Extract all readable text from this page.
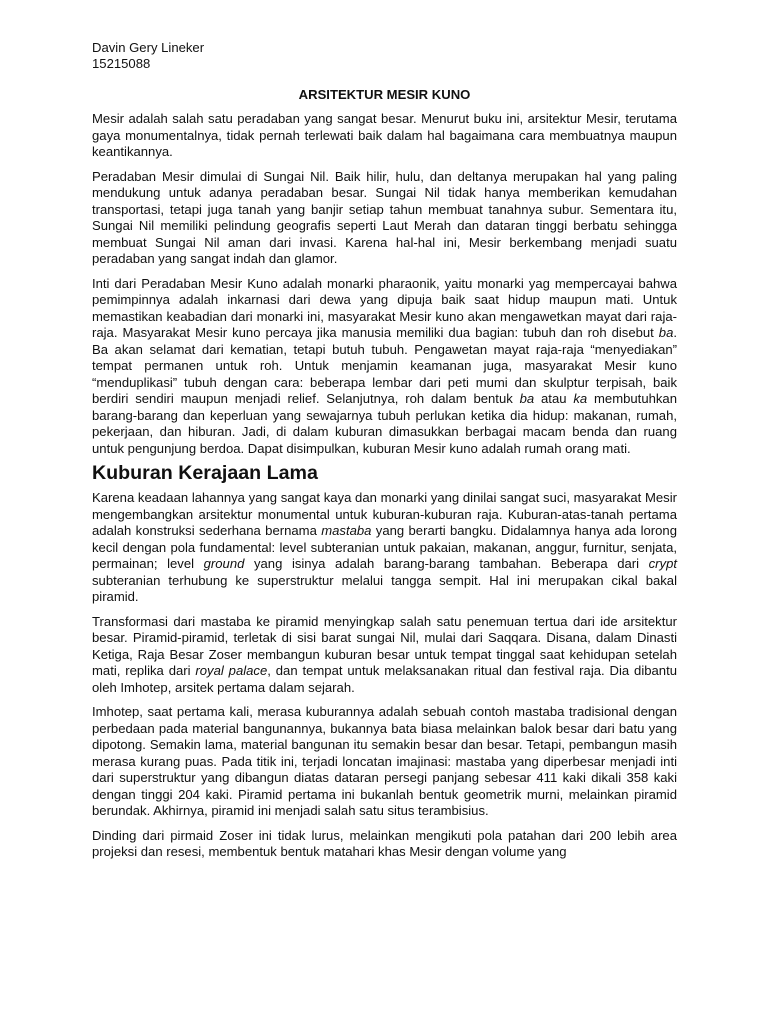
Davin Gery Lineker

15215088

ARSITEKTUR MESIR KUNO

Mesir adalah salah satu peradaban yang sangat besar. Menurut buku ini, arsitektur Mesir, terutama gaya monumentalnya, tidak pernah terlewati baik dalam hal bagaimana cara membuatnya maupun keantikannya.

Peradaban Mesir dimulai di Sungai Nil. Baik hilir, hulu, dan deltanya merupakan hal yang paling mendukung untuk adanya peradaban besar. Sungai Nil tidak hanya memberikan kemudahan transportasi, tetapi juga tanah yang banjir setiap tahun membuat tanahnya subur. Sementara itu, Sungai Nil memiliki pelindung geografis seperti Laut Merah dan dataran tinggi berbatu sehingga membuat Sungai Nil aman dari invasi. Karena hal-hal ini, Mesir berkembang menjadi suatu peradaban yang sangat indah dan glamor.

Inti dari Peradaban Mesir Kuno adalah monarki pharaonik, yaitu monarki yag mempercayai bahwa pemimpinnya adalah inkarnasi dari dewa yang dipuja baik saat hidup maupun mati. Untuk memastikan keabadian dari monarki ini, masyarakat Mesir kuno akan mengawetkan mayat dari raja-raja. Masyarakat Mesir kuno percaya jika manusia memiliki dua bagian: tubuh dan roh disebut ba. Ba akan selamat dari kematian, tetapi butuh tubuh. Pengawetan mayat raja-raja “menyediakan” tempat permanen untuk roh. Untuk menjamin keamanan juga, masyarakat Mesir kuno “menduplikasi” tubuh dengan cara: beberapa lembar dari peti mumi dan skulptur terpisah, baik berdiri sendiri maupun menjadi relief. Selanjutnya, roh dalam bentuk ba atau ka membutuhkan barang-barang dan keperluan yang sewajarnya tubuh perlukan ketika dia hidup: makanan, rumah, pekerjaan, dan hiburan. Jadi, di dalam kuburan dimasukkan berbagai macam benda dan ruang untuk pengunjung berdoa. Dapat disimpulkan, kuburan Mesir kuno adalah rumah orang mati.

Kuburan Kerajaan Lama

Karena keadaan lahannya yang sangat kaya dan monarki yang dinilai sangat suci, masyarakat Mesir mengembangkan arsitektur monumental untuk kuburan-kuburan raja. Kuburan-atas-tanah pertama adalah konstruksi sederhana bernama mastaba yang berarti bangku. Didalamnya hanya ada lorong kecil dengan pola fundamental: level subteranian untuk pakaian, makanan, anggur, furnitur, senjata, permainan; level ground yang isinya adalah barang-barang tambahan. Beberapa dari crypt subteranian terhubung ke superstruktur melalui tangga sempit. Hal ini merupakan cikal bakal piramid.

Transformasi dari mastaba ke piramid menyingkap salah satu penemuan tertua dari ide arsitektur besar. Piramid-piramid, terletak di sisi barat sungai Nil, mulai dari Saqqara. Disana, dalam Dinasti Ketiga, Raja Besar Zoser membangun kuburan besar untuk tempat tinggal saat kehidupan setelah mati, replika dari royal palace, dan tempat untuk melaksanakan ritual dan festival raja. Dia dibantu oleh Imhotep, arsitek pertama dalam sejarah.

Imhotep, saat pertama kali, merasa kuburannya adalah sebuah contoh mastaba tradisional dengan perbedaan pada material bangunannya, bukannya bata biasa melainkan balok besar dari batu yang dipotong. Semakin lama, material bangunan itu semakin besar dan besar. Tetapi, pembangun masih merasa kurang puas. Pada titik ini, terjadi loncatan imajinasi: mastaba yang diperbesar menjadi inti dari superstruktur yang dibangun diatas dataran persegi panjang sebesar 411 kaki dikali 358 kaki dengan tinggi 204 kaki. Piramid pertama ini bukanlah bentuk geometrik murni, melainkan piramid berundak. Akhirnya, piramid ini menjadi salah satu situs terambisius.

Dinding dari pirmaid Zoser ini tidak lurus, melainkan mengikuti pola patahan dari 200 lebih area projeksi dan resesi, membentuk bentuk matahari khas Mesir dengan volume yang
